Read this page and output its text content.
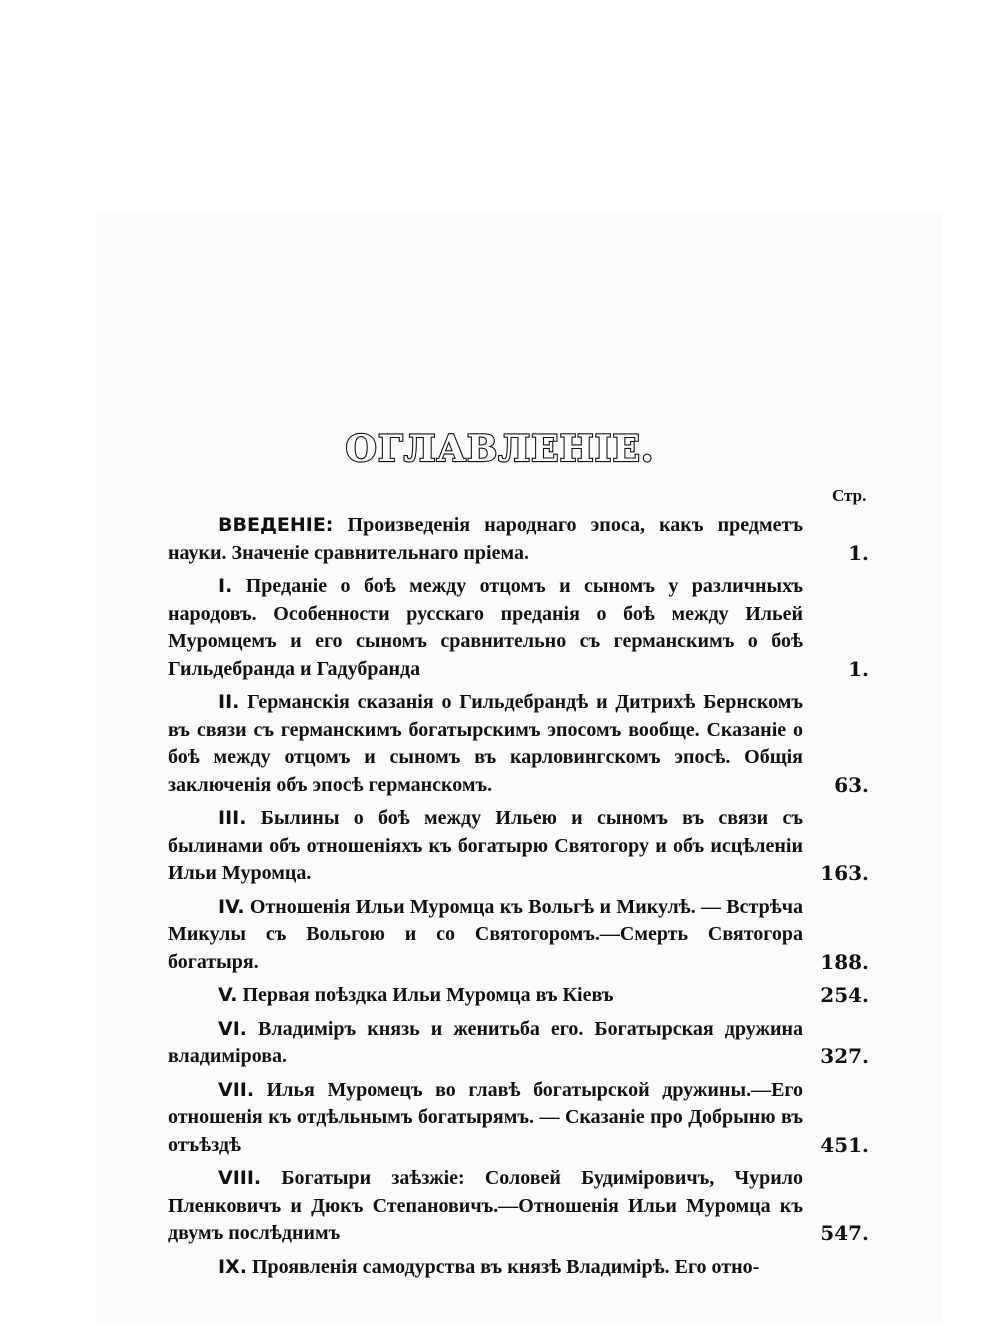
ОГЛАВЛЕНІЕ.
Стр.

ВВЕДЕНІЕ: Произведенія народнаго эпоса, какъ предметъ науки. Значеніе сравнительнаго пріема.	1.

I. Преданіе о боѣ между отцомъ и сыномъ у различныхъ народовъ. Особенности русскаго преданія о боѣ между Ильей Муромцемъ и его сыномъ сравнительно съ германскимъ о боѣ Гильдебранда и Гадубранда	1.

II. Германскія сказанія о Гильдебрандѣ и Дитрихѣ Бернскомъ въ связи съ германскимъ богатырскимъ эпосомъ вообще. Сказаніе о боѣ между отцомъ и сыномъ въ карловингскомъ эпосѣ. Общія заключенія объ эпосѣ германскомъ.	63.

III. Былины о боѣ между Ильею и сыномъ въ связи съ былинами объ отношеніяхъ къ богатырю Святогору и объ исцѣленіи Ильи Муромца.	163.

IV. Отношенія Ильи Муромца къ Вольгѣ и Микулѣ. — Встрѣча Микулы съ Вольгою и со Святогоромъ.—Смерть Святогора богатыря.	188.

V. Первая поѣздка Ильи Муромца въ Кіевъ	254.

VI. Владиміръ князь и женитьба его. Богатырская дружина владимірова.	327.

VII. Илья Муромецъ во главѣ богатырской дружины.—Его отношенія къ отдѣльнымъ богатырямъ. — Сказаніе про Добрыню въ отъѣздѣ	451.

VIII. Богатыри заѣзжіе: Соловей Будиміровичъ, Чурило Пленковичъ и Дюкъ Степановичъ.—Отношенія Ильи Муромца къ двумъ послѣднимъ	547.

IX. Проявленія самодурства въ князѣ Владимірѣ. Его отно-
